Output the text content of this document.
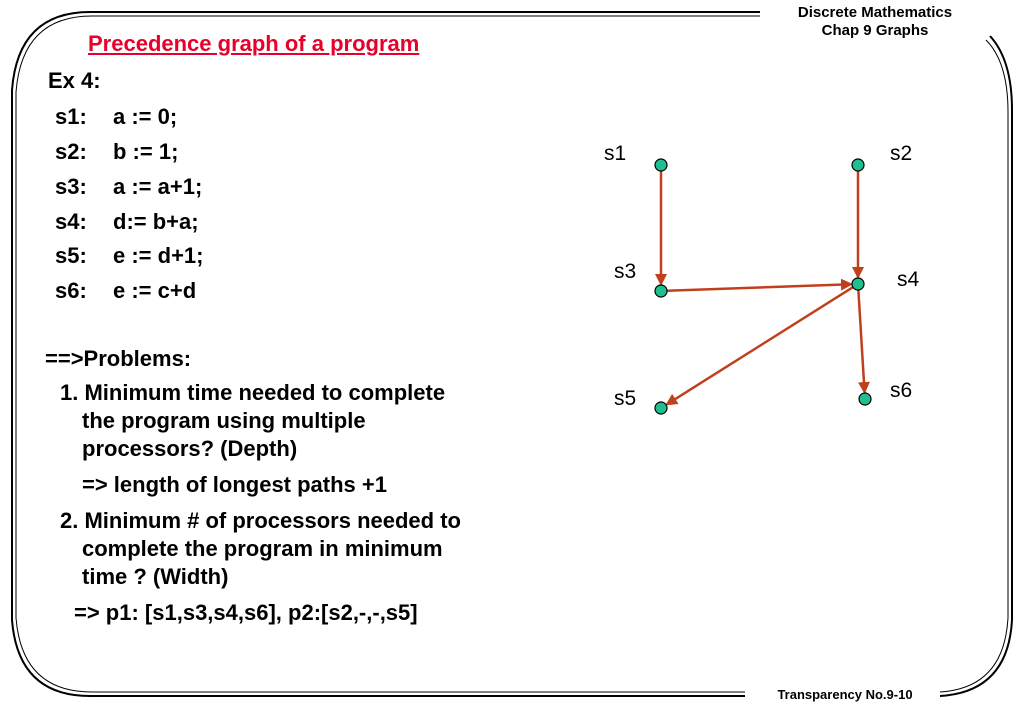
Discrete Mathematics
Chap 9 Graphs
Transparency No.9-10
Precedence graph of a program
Ex 4:
s1: a := 0;
s2: b := 1;
s3: a := a+1;
s4: d:= b+a;
s5: e := d+1;
s6: e := c+d
==>Problems:
1. Minimum time needed to complete
the program using multiple
processors? (Depth)
=> length of longest paths +1
2. Minimum # of processors needed to
complete the program in minimum
time ? (Width)
=> p1: [s1,s3,s4,s6], p2:[s2,-,-,s5]
s1	s2
s3	s4
s5	s6
